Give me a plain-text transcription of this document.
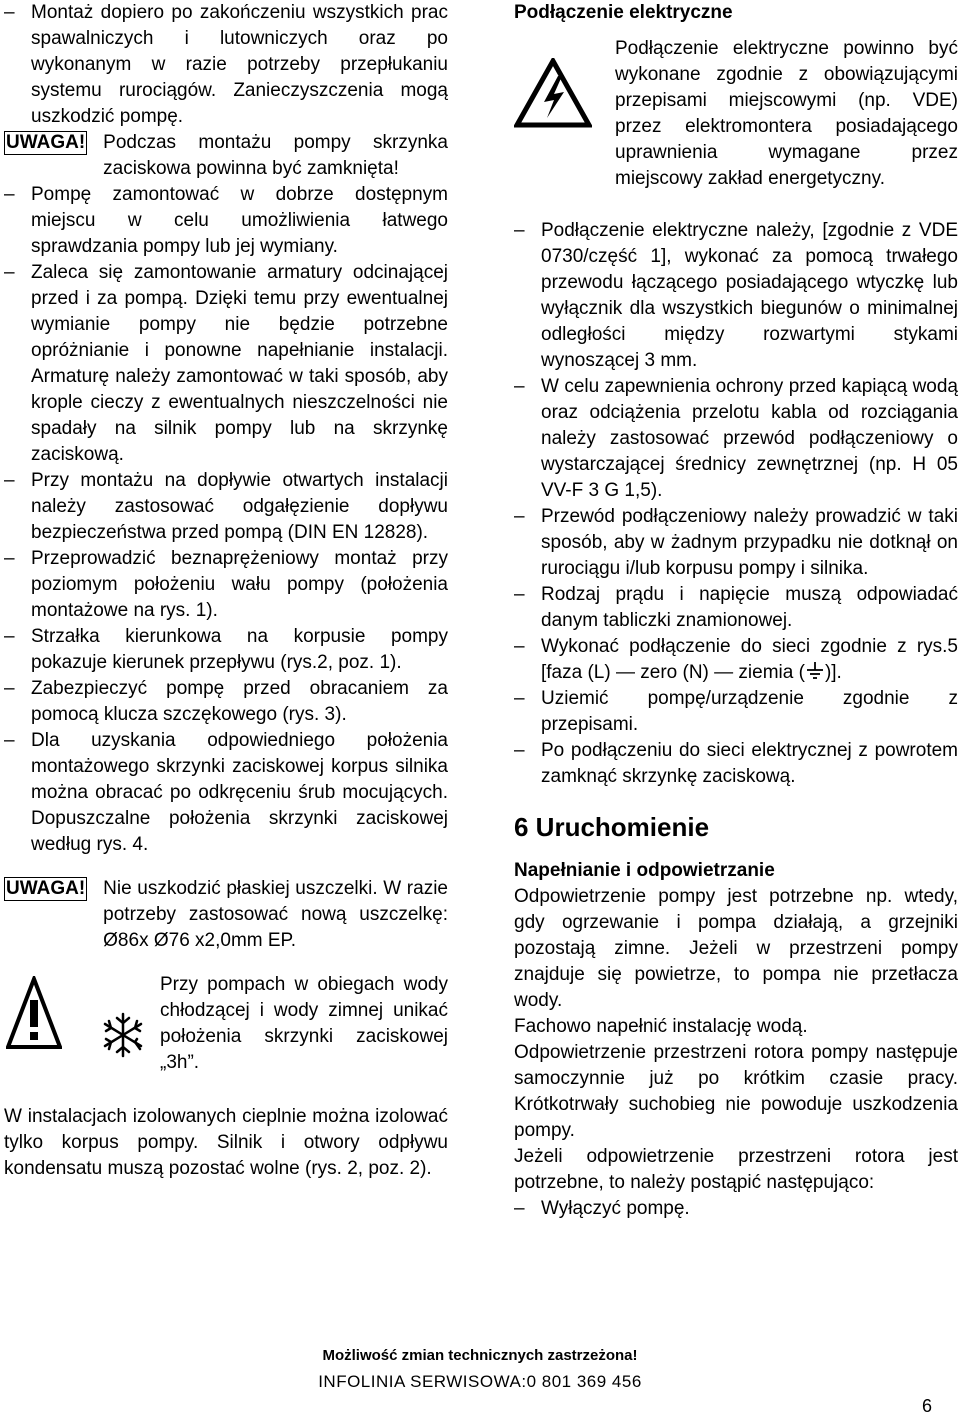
– Montaż dopiero po zakończeniu wszystkich prac spawalniczych i lutowniczych oraz po wykonanym w razie potrzeby przepłukaniu systemu rurociągów. Zanieczyszczenia mogą uszkodzić pompę.
UWAGA! Podczas montażu pompy skrzynka zaciskowa powinna być zamknięta!
– Pompę zamontować w dobrze dostępnym miejscu w celu umożliwienia łatwego sprawdzania pompy lub jej wymiany.
– Zaleca się zamontowanie armatury odcinającej przed i za pompą. Dzięki temu przy ewentualnej wymianie pompy nie będzie potrzebne opróżnianie i ponowne napełnianie instalacji. Armaturę należy zamontować w taki sposób, aby krople cieczy z ewentualnych nieszczelności nie spadały na silnik pompy lub na skrzynkę zaciskową.
– Przy montażu na dopływie otwartych instalacji należy zastosować odgałęzienie dopływu bezpieczeństwa przed pompą (DIN EN 12828).
– Przeprowadzić beznaprężeniowy montaż przy poziomym położeniu wału pompy (położenia montażowe na rys. 1).
– Strzałka kierunkowa na korpusie pompy pokazuje kierunek przepływu (rys.2, poz. 1).
– Zabezpieczyć pompę przed obracaniem za pomocą klucza szczękowego (rys. 3).
– Dla uzyskania odpowiedniego położenia montażowego skrzynki zaciskowej korpus silnika można obracać po odkręceniu śrub mocujących. Dopuszczalne położenia skrzynki zaciskowej według rys. 4.
UWAGA! Nie uszkodzić płaskiej uszczelki. W razie potrzeby zastosować nową uszczelkę: Ø86x Ø76 x2,0mm EP.
Przy pompach w obiegach wody chłodzącej i wody zimnej unikać położenia skrzynki zaciskowej „3h”.
W instalacjach izolowanych cieplnie można izolować tylko korpus pompy. Silnik i otwory odpływu kondensatu muszą pozostać wolne (rys. 2, poz. 2).
Podłączenie elektryczne
Podłączenie elektryczne powinno być wykonane zgodnie z obowiązującymi przepisami miejscowymi (np. VDE) przez elektromontera posiadającego uprawnienia wymagane przez miejscowy zakład energetyczny.
– Podłączenie elektryczne należy, [zgodnie z VDE 0730/część 1], wykonać za pomocą trwałego przewodu łączącego posiadającego wtyczkę lub wyłącznik dla wszystkich biegunów o minimalnej odległości między rozwartymi stykami wynoszącej 3 mm.
– W celu zapewnienia ochrony przed kapiącą wodą oraz odciążenia przelotu kabla od rozciągania należy zastosować przewód podłączeniowy o wystarczającej średnicy zewnętrznej (np. H 05 VV-F 3 G 1,5).
– Przewód podłączeniowy należy prowadzić w taki sposób, aby w żadnym przypadku nie dotknął on rurociągu i/lub korpusu pompy i silnika.
– Rodzaj prądu i napięcie muszą odpowiadać danym tabliczki znamionowej.
– Wykonać podłączenie do sieci zgodnie z rys.5 [faza (L) — zero (N) — ziemia ( )].
– Uziemić pompę/urządzenie zgodnie z przepisami.
– Po podłączeniu do sieci elektrycznej z powrotem zamknąć skrzynkę zaciskową.
6 Uruchomienie
Napełnianie i odpowietrzanie
Odpowietrzenie pompy jest potrzebne np. wtedy, gdy ogrzewanie i pompa działają, a grzejniki pozostają zimne. Jeżeli w przestrzeni pompy znajduje się powietrze, to pompa nie przetłacza wody.
Fachowo napełnić instalację wodą.
Odpowietrzenie przestrzeni rotora pompy następuje samoczynnie już po krótkim czasie pracy. Krótkotrwały suchobieg nie powoduje uszkodzenia pompy.
Jeżeli odpowietrzenie przestrzeni rotora jest potrzebne, to należy postąpić następująco:
– Wyłączyć pompę.
Możliwość zmian technicznych zastrzeżona!
INFOLINIA SERWISOWA:0 801 369 456
6
